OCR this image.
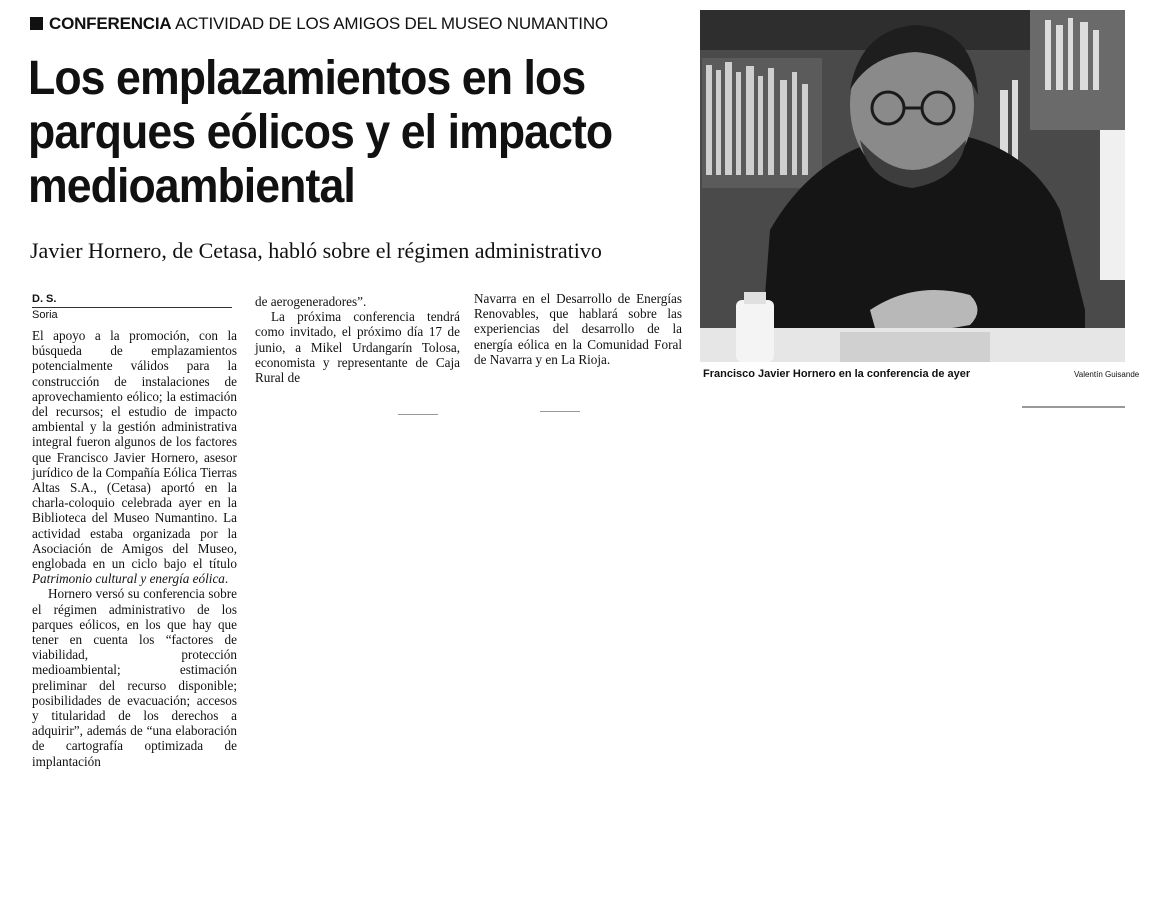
CONFERENCIA ACTIVIDAD DE LOS AMIGOS DEL MUSEO NUMANTINO
Los emplazamientos en los parques eólicos y el impacto medioambiental
Javier Hornero, de Cetasa, habló sobre el régimen administrativo
D. S.
Soria

El apoyo a la promoción, con la búsqueda de emplazamientos potencialmente válidos para la construcción de instalaciones de aprovechamiento eólico; la estimación del recursos; el estudio de impacto ambiental y la gestión administrativa integral fueron algunos de los factores que Francisco Javier Hornero, asesor jurídico de la Compañía Eólica Tierras Altas S.A., (Cetasa) aportó en la charla-coloquio celebrada ayer en la Biblioteca del Museo Numantino. La actividad estaba organizada por la Asociación de Amigos del Museo, englobada en un ciclo bajo el título Patrimonio cultural y energía eólica.

Hornero versó su conferencia sobre el régimen administrativo de los parques eólicos, en los que hay que tener en cuenta los “factores de viabilidad, protección medioambiental; estimación preliminar del recurso disponible; posibilidades de evacuación; accesos y titularidad de los derechos a adquirir”, además de “una elaboración de cartografía optimizada de implantación

de aerogeneradores”.

La próxima conferencia tendrá como invitado, el próximo día 17 de junio, a Mikel Urdangarín Tolosa, economista y representante de Caja Rural de

Navarra en el Desarrollo de Energías Renovables, que hablará sobre las experiencias del desarrollo de la energía eólica en la Comunidad Foral de Navarra y en La Rioja.

Francisco Javier Hornero en la conferencia de ayer	Valentín Guisande
